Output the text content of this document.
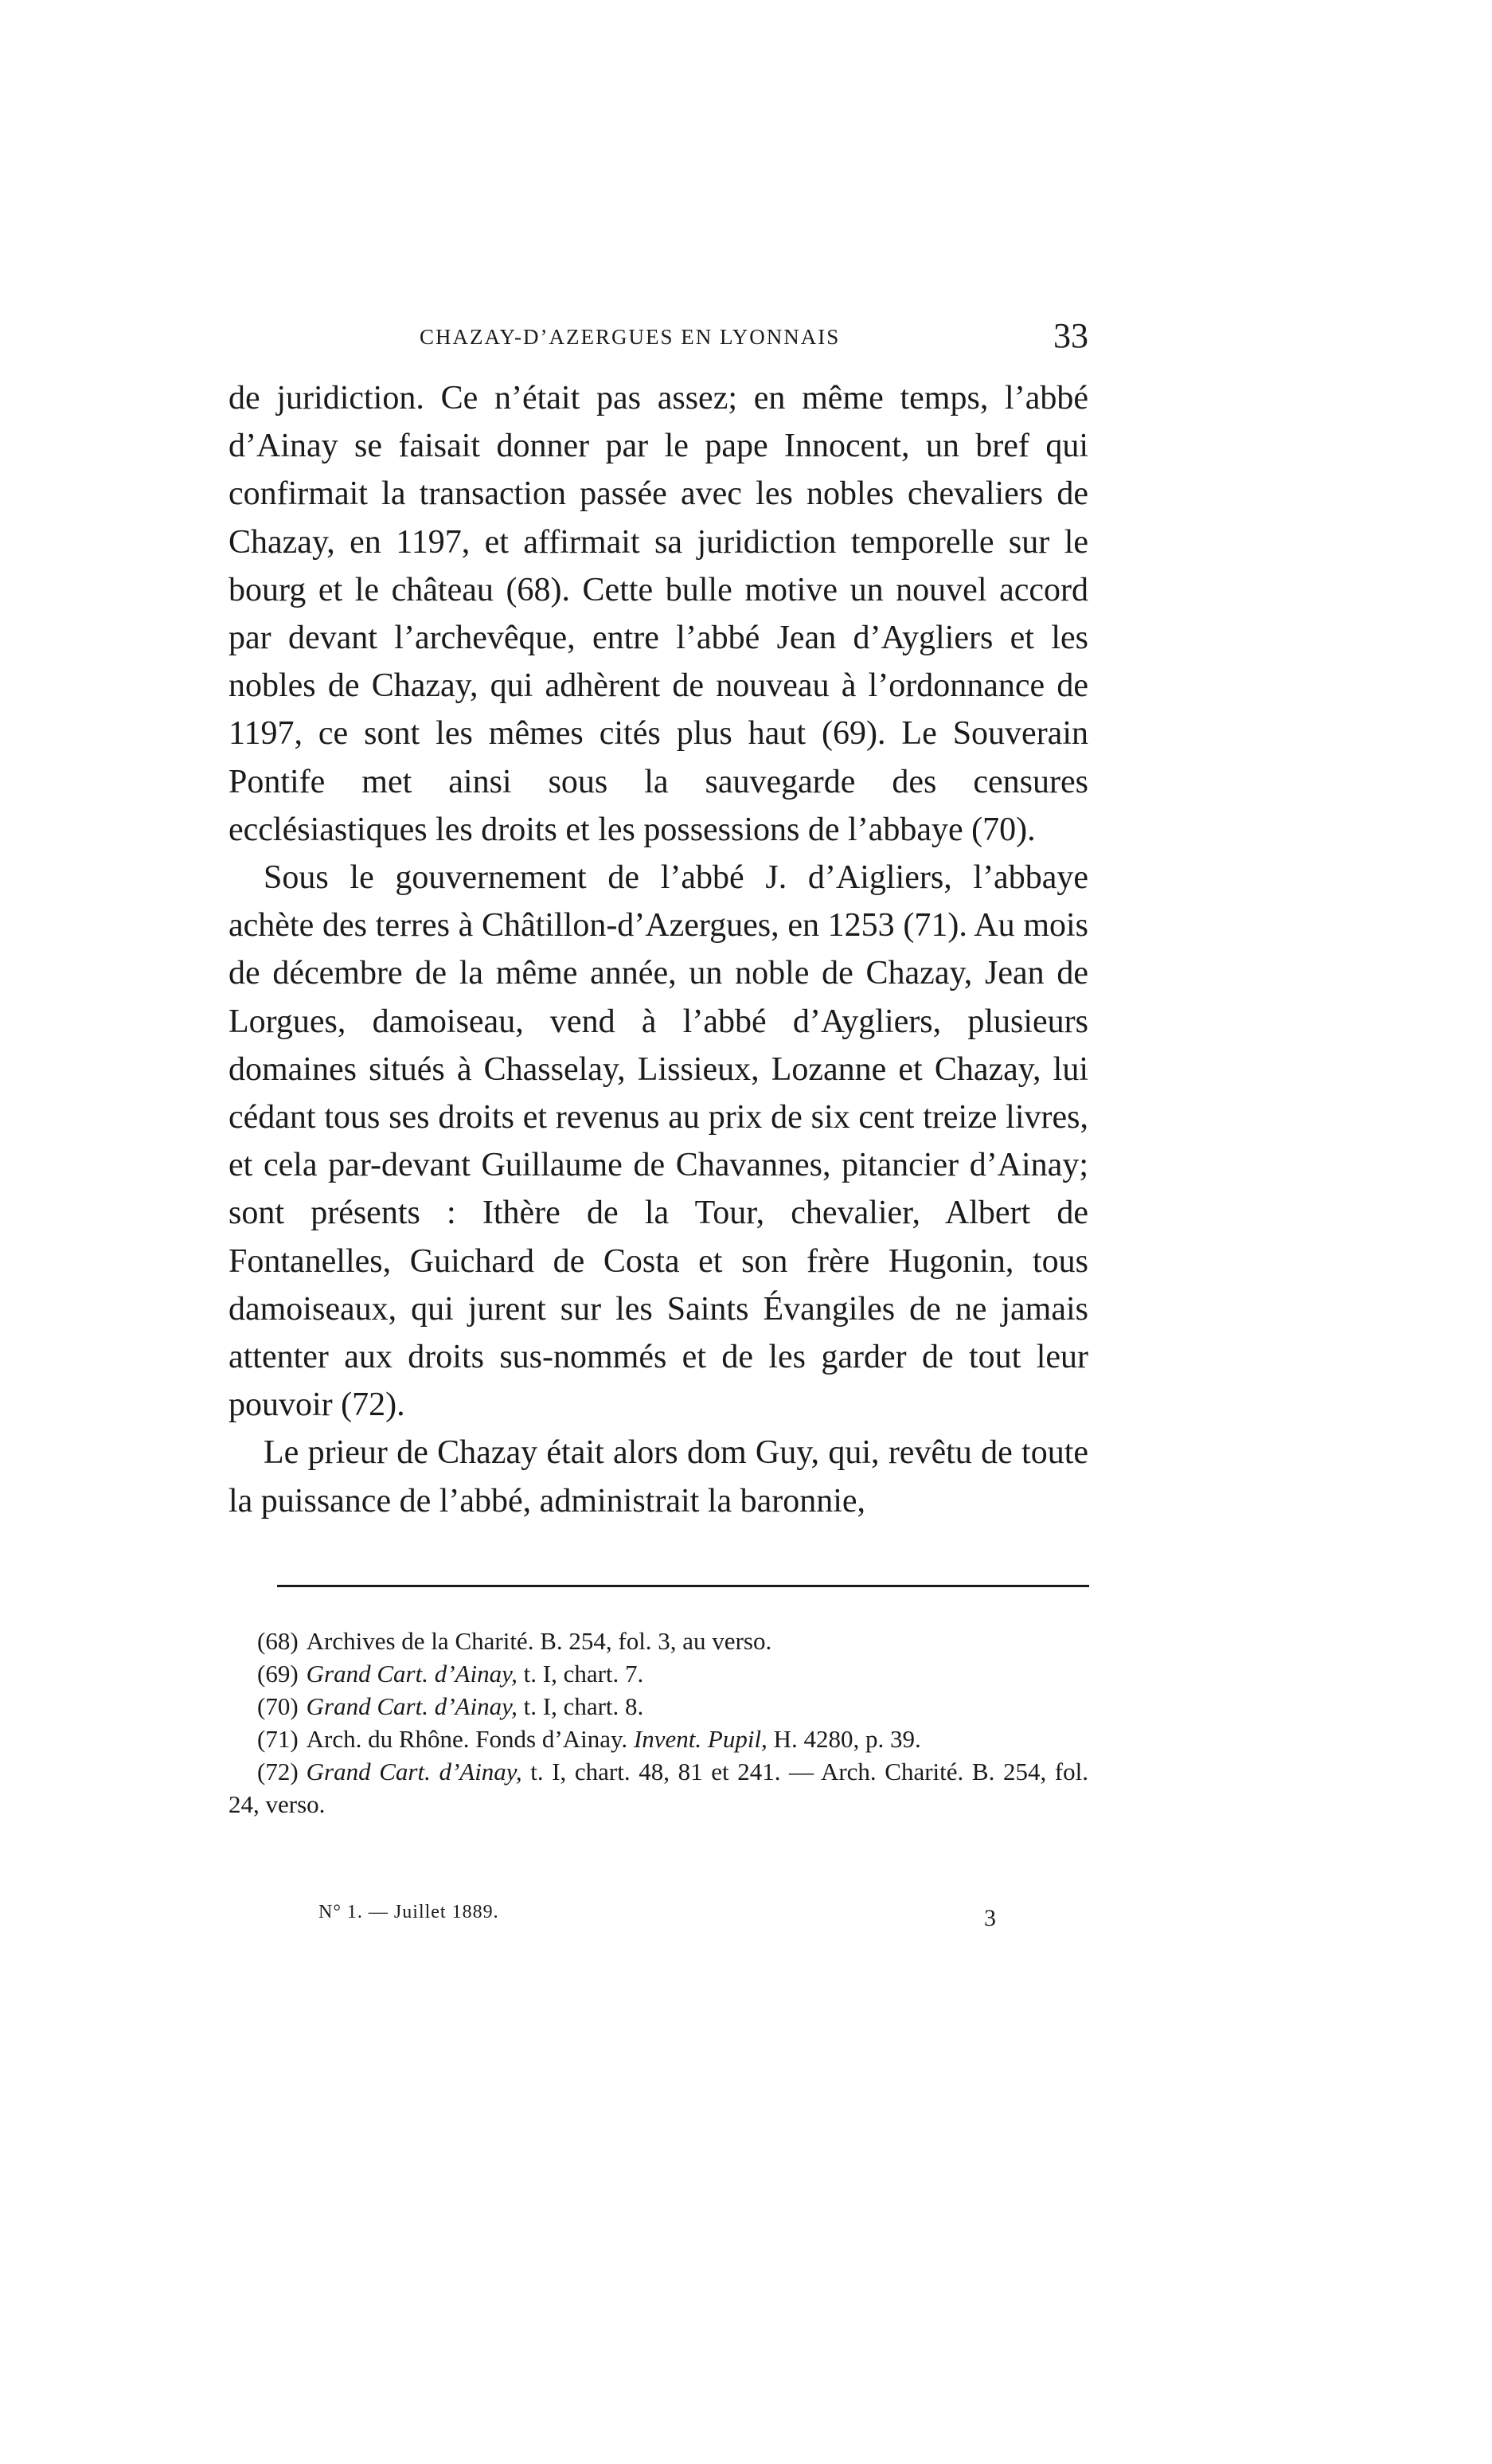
CHAZAY-D’AZERGUES EN LYONNAIS	33

de juridiction. Ce n’était pas assez; en même temps, l’abbé d’Ainay se faisait donner par le pape Innocent, un bref qui confirmait la transaction passée avec les nobles chevaliers de Chazay, en 1197, et affirmait sa juridiction temporelle sur le bourg et le château (68). Cette bulle motive un nouvel accord par devant l’archevêque, entre l’abbé Jean d’Aygliers et les nobles de Chazay, qui adhèrent de nouveau à l’ordonnance de 1197, ce sont les mêmes cités plus haut (69). Le Souverain Pontife met ainsi sous la sauvegarde des censures ecclésiastiques les droits et les possessions de l’abbaye (70).

Sous le gouvernement de l’abbé J. d’Aigliers, l’abbaye achète des terres à Châtillon-d’Azergues, en 1253 (71). Au mois de décembre de la même année, un noble de Chazay, Jean de Lorgues, damoiseau, vend à l’abbé d’Aygliers, plusieurs domaines situés à Chasselay, Lissieux, Lozanne et Chazay, lui cédant tous ses droits et revenus au prix de six cent treize livres, et cela par-devant Guillaume de Chavannes, pitancier d’Ainay; sont présents : Ithère de la Tour, chevalier, Albert de Fontanelles, Guichard de Costa et son frère Hugonin, tous damoiseaux, qui jurent sur les Saints Évangiles de ne jamais attenter aux droits sus-nommés et de les garder de tout leur pouvoir (72).

Le prieur de Chazay était alors dom Guy, qui, revêtu de toute la puissance de l’abbé, administrait la baronnie,

(68) Archives de la Charité. B. 254, fol. 3, au verso.

(69) Grand Cart. d’Ainay, t. I, chart. 7.

(70) Grand Cart. d’Ainay, t. I, chart. 8.

(71) Arch. du Rhône. Fonds d’Ainay. Invent. Pupil, H. 4280, p. 39.

(72) Grand Cart. d’Ainay, t. I, chart. 48, 81 et 241. — Arch. Charité. B. 254, fol. 24, verso.

N° 1. — Juillet 1889.	3
